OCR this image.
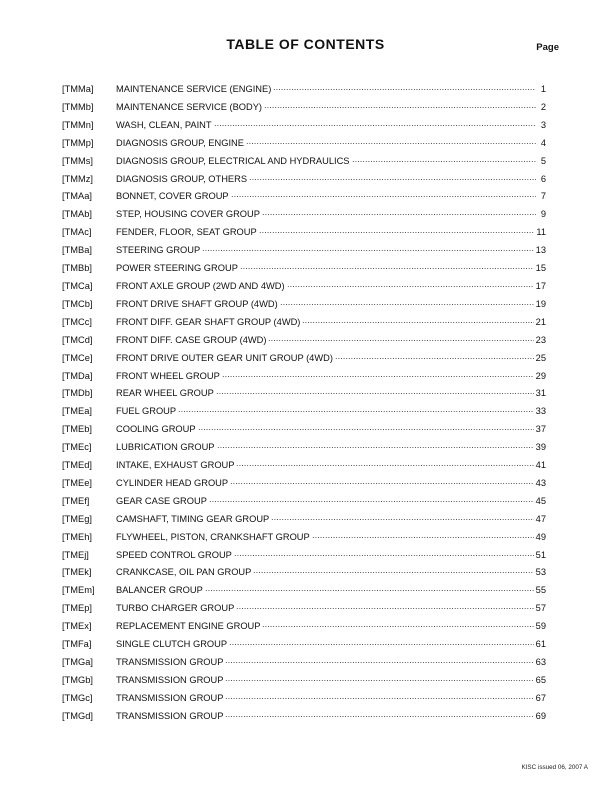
TABLE OF CONTENTS	Page
[TMMa]	MAINTENANCE SERVICE (ENGINE)	1
[TMMb]	MAINTENANCE SERVICE (BODY)	2
[TMMn]	WASH, CLEAN, PAINT	3
[TMMp]	DIAGNOSIS GROUP, ENGINE	4
[TMMs]	DIAGNOSIS GROUP, ELECTRICAL AND HYDRAULICS	5
[TMMz]	DIAGNOSIS GROUP, OTHERS	6
[TMAa]	BONNET, COVER GROUP	7
[TMAb]	STEP, HOUSING COVER GROUP	9
[TMAc]	FENDER, FLOOR, SEAT GROUP	11
[TMBa]	STEERING GROUP	13
[TMBb]	POWER STEERING GROUP	15
[TMCa]	FRONT AXLE GROUP (2WD AND 4WD)	17
[TMCb]	FRONT DRIVE SHAFT GROUP (4WD)	19
[TMCc]	FRONT DIFF. GEAR SHAFT GROUP (4WD)	21
[TMCd]	FRONT DIFF. CASE GROUP (4WD)	23
[TMCe]	FRONT DRIVE OUTER GEAR UNIT GROUP (4WD)	25
[TMDa]	FRONT WHEEL GROUP	29
[TMDb]	REAR WHEEL GROUP	31
[TMEa]	FUEL GROUP	33
[TMEb]	COOLING GROUP	37
[TMEc]	LUBRICATION GROUP	39
[TMEd]	INTAKE, EXHAUST GROUP	41
[TMEe]	CYLINDER HEAD GROUP	43
[TMEf]	GEAR CASE GROUP	45
[TMEg]	CAMSHAFT, TIMING GEAR GROUP	47
[TMEh]	FLYWHEEL, PISTON, CRANKSHAFT GROUP	49
[TMEj]	SPEED CONTROL GROUP	51
[TMEk]	CRANKCASE, OIL PAN GROUP	53
[TMEm]	BALANCER GROUP	55
[TMEp]	TURBO CHARGER GROUP	57
[TMEx]	REPLACEMENT ENGINE GROUP	59
[TMFa]	SINGLE CLUTCH GROUP	61
[TMGa]	TRANSMISSION GROUP	63
[TMGb]	TRANSMISSION GROUP	65
[TMGc]	TRANSMISSION GROUP	67
[TMGd]	TRANSMISSION GROUP	69
KISC issued 06, 2007 A
